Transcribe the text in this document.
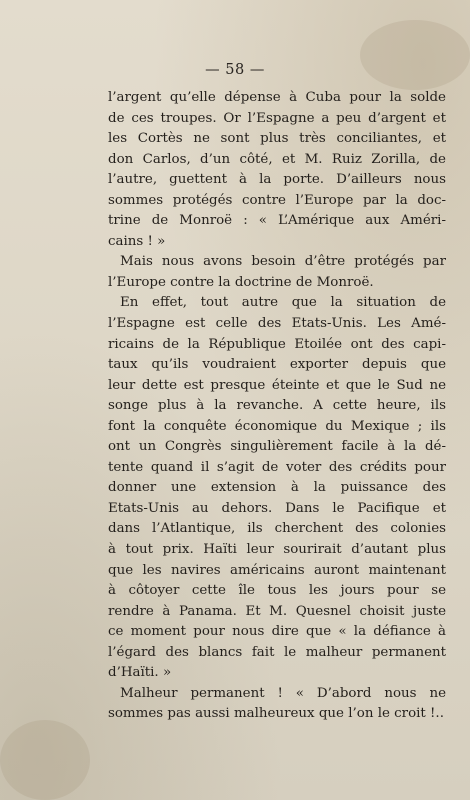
— 58 —
l’argent qu’elle dépense à Cuba pour la solde
de ces troupes. Or l’Espagne a peu d’argent et
les Cortès ne sont plus très conciliantes, et
don Carlos, d’un côté, et M. Ruiz Zorilla, de
l’autre, guettent à la porte. D’ailleurs nous
sommes protégés contre l’Europe par la doc-
trine de Monroë : « L’Amérique aux Améri-
cains ! »
Mais nous avons besoin d’être protégés par
l’Europe contre la doctrine de Monroë.
En effet, tout autre que la situation de
l’Espagne est celle des Etats-Unis. Les Amé-
ricains de la République Etoilée ont des capi-
taux qu’ils voudraient exporter depuis que
leur dette est presque éteinte et que le Sud ne
songe plus à la revanche. A cette heure, ils
font la conquête économique du Mexique ; ils
ont un Congrès singulièrement facile à la dé-
tente quand il s’agit de voter des crédits pour
donner une extension à la puissance des
Etats-Unis au dehors. Dans le Pacifique et
dans l’Atlantique, ils cherchent des colonies
à tout prix. Haïti leur sourirait d’autant plus
que les navires américains auront maintenant
à côtoyer cette île tous les jours pour se
rendre à Panama. Et M. Quesnel choisit juste
ce moment pour nous dire que « la défiance à
l’égard des blancs fait le malheur permanent
d’Haïti. »
Malheur permanent ! « D’abord nous ne
sommes pas aussi malheureux que l’on le croit !..
